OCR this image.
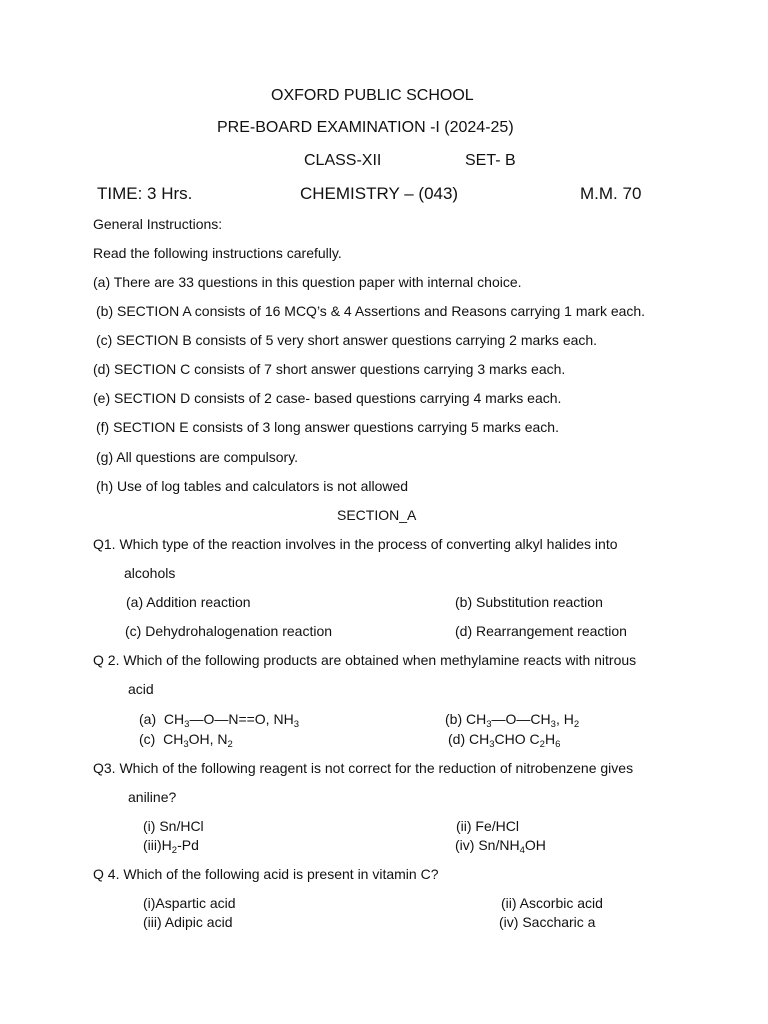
OXFORD PUBLIC SCHOOL
PRE-BOARD EXAMINATION -I (2024-25)
CLASS-XII	SET- B
TIME: 3 Hrs.	CHEMISTRY – (043)	M.M. 70
General Instructions:
Read the following instructions carefully.
(a) There are 33 questions in this question paper with internal choice.
(b) SECTION A consists of 16 MCQ’s & 4 Assertions and Reasons carrying 1 mark each.
(c) SECTION B consists of 5 very short answer questions carrying 2 marks each.
(d) SECTION C consists of 7 short answer questions carrying 3 marks each.
(e) SECTION D consists of 2 case- based questions carrying 4 marks each.
(f) SECTION E consists of 3 long answer questions carrying 5 marks each.
(g) All questions are compulsory.
(h) Use of log tables and calculators is not allowed
SECTION_A
Q1. Which type of the reaction involves in the process of converting alkyl halides into
alcohols
(a) Addition reaction	(b) Substitution reaction
(c) Dehydrohalogenation reaction	(d) Rearrangement reaction
Q 2. Which of the following products are obtained when methylamine reacts with nitrous
acid
(a) $CH_3—O—N==O$, $NH_3$	(b) $CH_3—O—CH_3$, $H_2$
(c) $CH_3OH$, $N_2$	(d) $CH_3CHO$ $C_2H_6$
Q3. Which of the following reagent is not correct for the reduction of nitrobenzene gives
aniline?
(i) Sn/HCl	(ii) Fe/HCl
$(iii)H_2-Pd$	(iv) $Sn/NH_4OH$
Q 4. Which of the following acid is present in vitamin C?
(i)Aspartic acid	(ii) Ascorbic acid
(iii) Adipic acid	(iv) Saccharic a
